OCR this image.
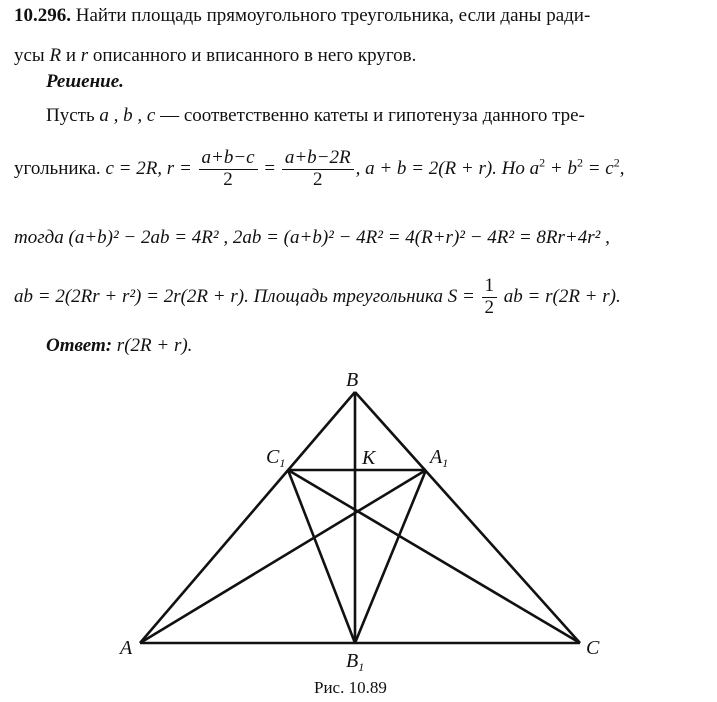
10.296. Найти площадь прямоугольного треугольника, если даны ради-
усы R и r описанного и вписанного в него кругов.
Решение.
Пусть a , b , c — соответственно катеты и гипотенуза данного тре-
угольника. c = 2R, $r = \frac{a+b-c}{2} = \frac{a+b-2R}{2}$ , a + b = 2(R + r). Но $a^2 + b^2 = c^2$,
тогда (a+b)² − 2ab = 4R² , 2ab = (a+b)² − 4R² = 4(R+r)² − 4R² = 8Rr+4r² ,
ab = 2(2Rr + r²) = 2r(2R + r). Площадь треугольника $S = \frac{1}{2}$ ab = r(2R + r).
Ответ: r(2R + r).
B
A	C
K
$C_1$	$A_1$
$B_1$
Рис. 10.89
